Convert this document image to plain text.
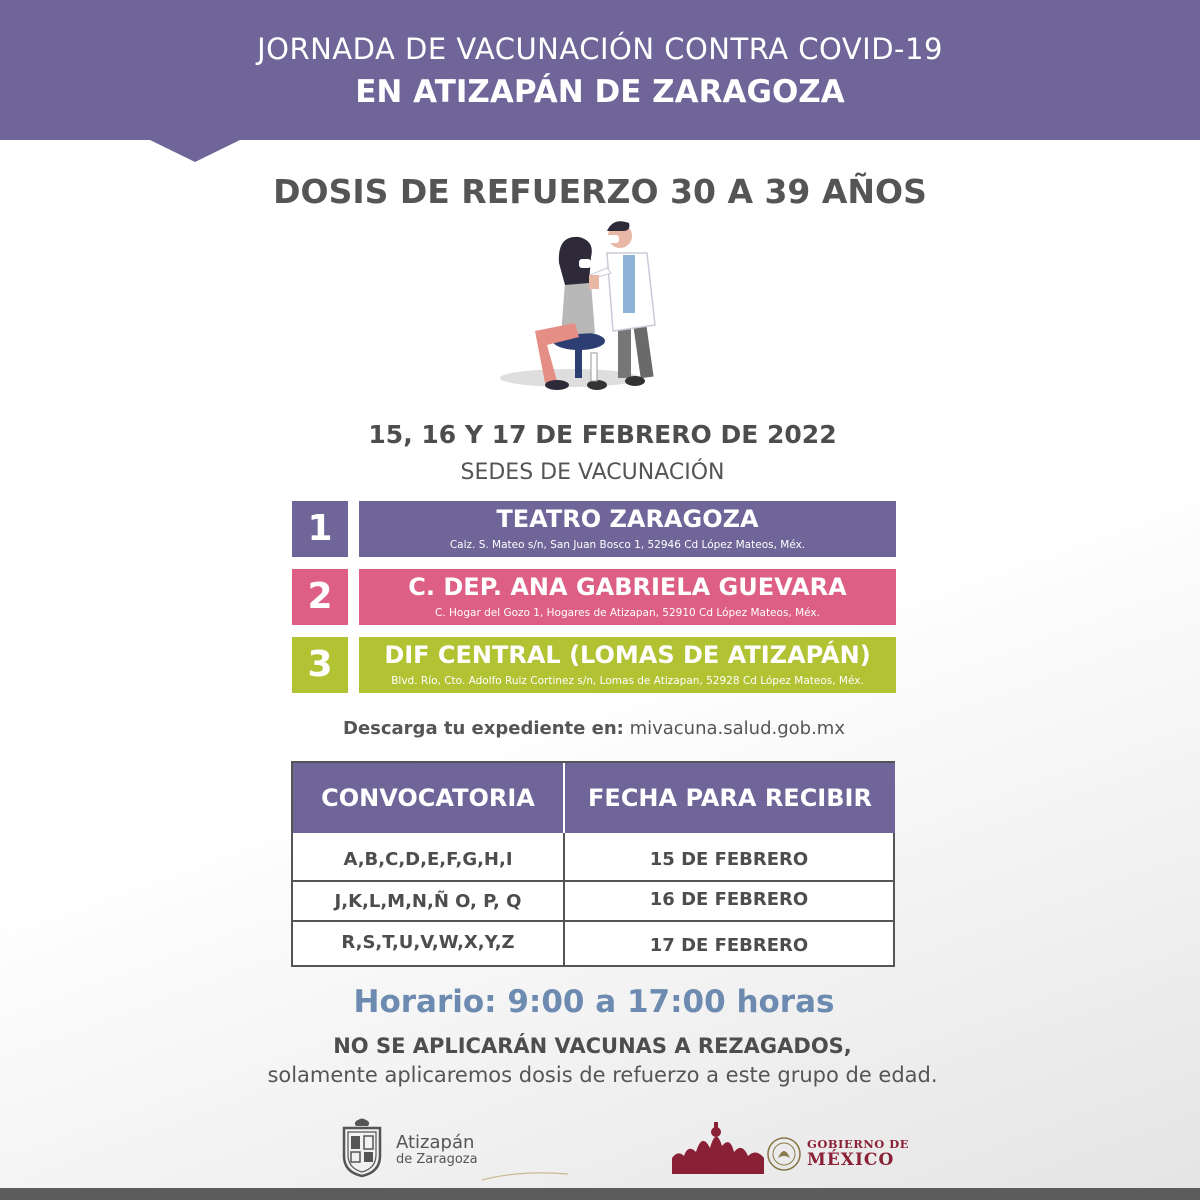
JORNADA DE VACUNACIÓN CONTRA COVID-19
EN ATIZAPÁN DE ZARAGOZA
DOSIS DE REFUERZO 30 A 39 AÑOS
15, 16 Y 17 DE FEBRERO DE 2022
SEDES DE VACUNACIÓN
1	TEATRO ZARAGOZA
Calz. S. Mateo s/n, San Juan Bosco 1, 52946 Cd López Mateos, Méx.
2	C. DEP. ANA GABRIELA GUEVARA
C. Hogar del Gozo 1, Hogares de Atizapan, 52910 Cd López Mateos, Méx.
3	DIF CENTRAL (LOMAS DE ATIZAPÁN)
Blvd. Río, Cto. Adolfo Ruiz Cortinez s/n, Lomas de Atizapan, 52928 Cd López Mateos, Méx.
Descarga tu expediente en: mivacuna.salud.gob.mx
CONVOCATORIA	FECHA PARA RECIBIR
A,B,C,D,E,F,G,H,I	15 DE FEBRERO
J,K,L,M,N,Ñ O, P, Q	16 DE FEBRERO
R,S,T,U,V,W,X,Y,Z	17 DE FEBRERO
Horario: 9:00 a 17:00 horas
NO SE APLICARÁN VACUNAS A REZAGADOS,
solamente aplicaremos dosis de refuerzo a este grupo de edad.
Atizapán
de Zaragoza
GOBIERNO DE
MÉXICO
